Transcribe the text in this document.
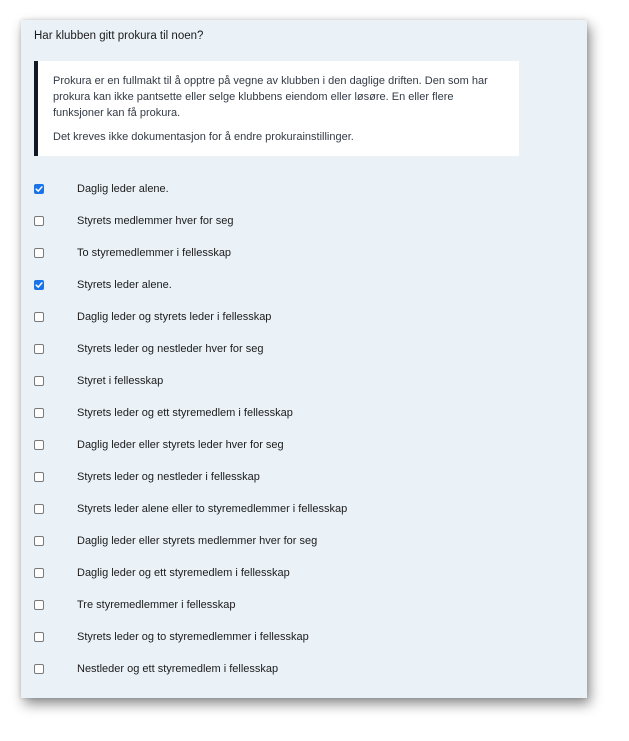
Har klubben gitt prokura til noen?

Prokura er en fullmakt til å opptre på vegne av klubben i den daglige driften. Den som har prokura kan ikke pantsette eller selge klubbens eiendom eller løsøre. En eller flere funksjoner kan få prokura.

Det kreves ikke dokumentasjon for å endre prokurainstillinger.

Daglig leder alene.
Styrets medlemmer hver for seg
To styremedlemmer i fellesskap
Styrets leder alene.
Daglig leder og styrets leder i fellesskap
Styrets leder og nestleder hver for seg
Styret i fellesskap
Styrets leder og ett styremedlem i fellesskap
Daglig leder eller styrets leder hver for seg
Styrets leder og nestleder i fellesskap
Styrets leder alene eller to styremedlemmer i fellesskap
Daglig leder eller styrets medlemmer hver for seg
Daglig leder og ett styremedlem i fellesskap
Tre styremedlemmer i fellesskap
Styrets leder og to styremedlemmer i fellesskap
Nestleder og ett styremedlem i fellesskap
